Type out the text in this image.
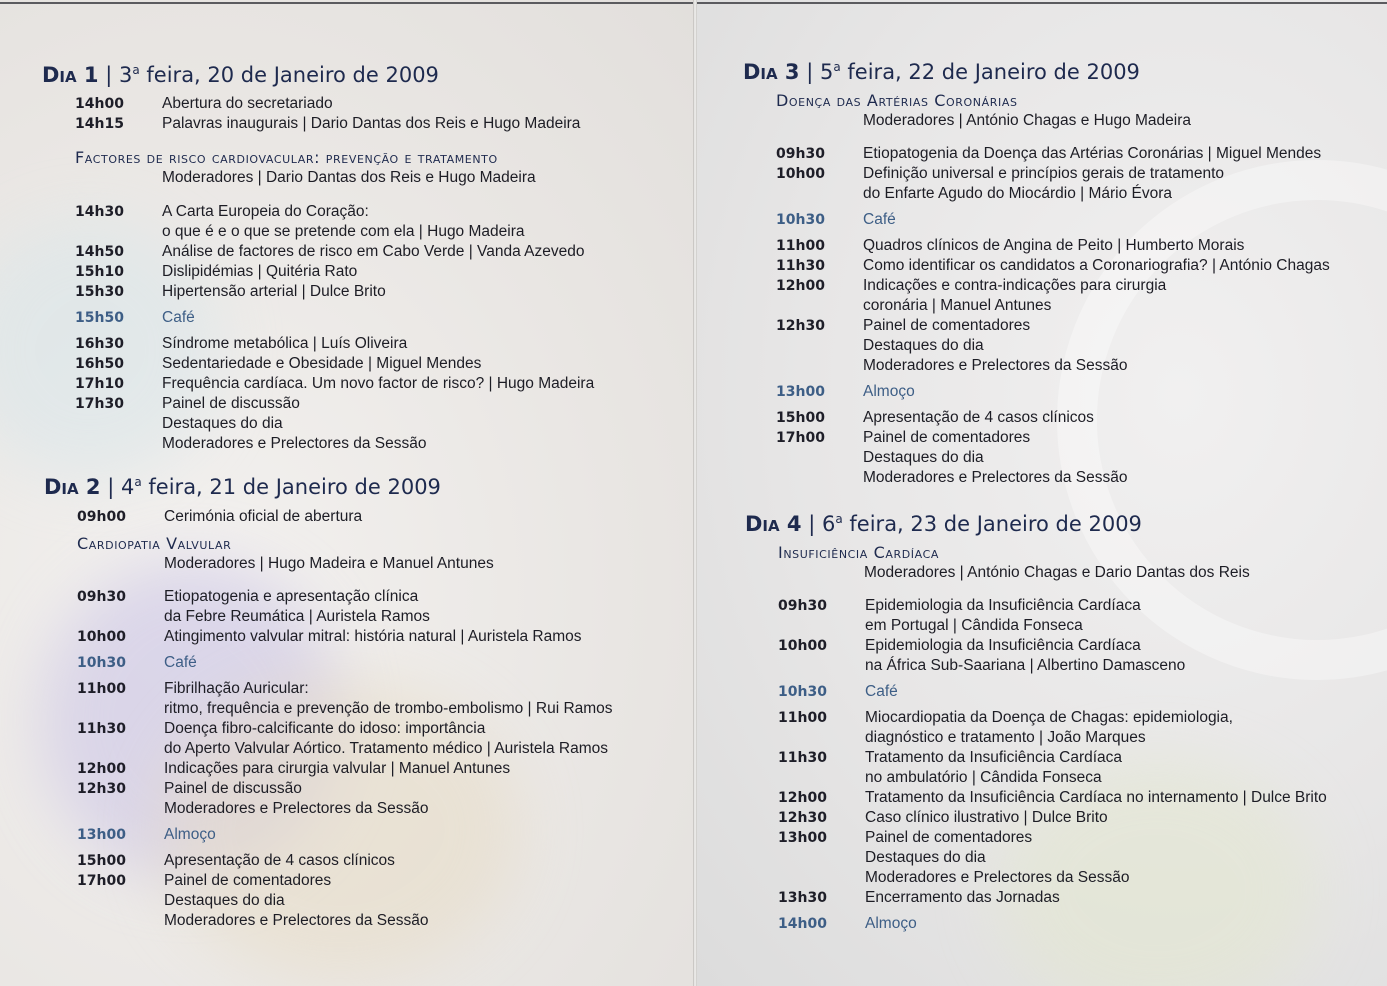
Dia 1 | 3$^a$ feira, 20 de Janeiro de 2009
14h00 Abertura do secretariado
14h15 Palavras inaugurais | Dario Dantas dos Reis e Hugo Madeira
Factores de risco cardiovacular: prevenção e tratamento
Moderadores | Dario Dantas dos Reis e Hugo Madeira
14h30 A Carta Europeia do Coração:
o que é e o que se pretende com ela | Hugo Madeira
14h50 Análise de factores de risco em Cabo Verde | Vanda Azevedo
15h10 Dislipidémias | Quitéria Rato
15h30 Hipertensão arterial | Dulce Brito
15h50 Café
16h30 Síndrome metabólica | Luís Oliveira
16h50 Sedentariedade e Obesidade | Miguel Mendes
17h10 Frequência cardíaca. Um novo factor de risco? | Hugo Madeira
17h30 Painel de discussão
Destaques do dia
Moderadores e Prelectores da Sessão
Dia 2 | 4$^a$ feira, 21 de Janeiro de 2009
09h00 Cerimónia oficial de abertura
Cardiopatia Valvular
Moderadores | Hugo Madeira e Manuel Antunes
09h30 Etiopatogenia e apresentação clínica
da Febre Reumática | Auristela Ramos
10h00 Atingimento valvular mitral: história natural | Auristela Ramos
10h30 Café
11h00 Fibrilhação Auricular:
ritmo, frequência e prevenção de trombo-embolismo | Rui Ramos
11h30 Doença fibro-calcificante do idoso: importância
do Aperto Valvular Aórtico. Tratamento médico | Auristela Ramos
12h00 Indicações para cirurgia valvular | Manuel Antunes
12h30 Painel de discussão
Moderadores e Prelectores da Sessão
13h00 Almoço
15h00 Apresentação de 4 casos clínicos
17h00 Painel de comentadores
Destaques do dia
Moderadores e Prelectores da Sessão
Dia 3 | 5$^a$ feira, 22 de Janeiro de 2009
Doença das Artérias Coronárias
Moderadores | António Chagas e Hugo Madeira
09h30 Etiopatogenia da Doença das Artérias Coronárias | Miguel Mendes
10h00 Definição universal e princípios gerais de tratamento
do Enfarte Agudo do Miocárdio | Mário Évora
10h30 Café
11h00 Quadros clínicos de Angina de Peito | Humberto Morais
11h30 Como identificar os candidatos a Coronariografia? | António Chagas
12h00 Indicações e contra-indicações para cirurgia
coronária | Manuel Antunes
12h30 Painel de comentadores
Destaques do dia
Moderadores e Prelectores da Sessão
13h00 Almoço
15h00 Apresentação de 4 casos clínicos
17h00 Painel de comentadores
Destaques do dia
Moderadores e Prelectores da Sessão
Dia 4 | 6$^a$ feira, 23 de Janeiro de 2009
Insuficiência Cardíaca
Moderadores | António Chagas e Dario Dantas dos Reis
09h30 Epidemiologia da Insuficiência Cardíaca
em Portugal | Cândida Fonseca
10h00 Epidemiologia da Insuficiência Cardíaca
na África Sub-Saariana | Albertino Damasceno
10h30 Café
11h00 Miocardiopatia da Doença de Chagas: epidemiologia,
diagnóstico e tratamento | João Marques
11h30 Tratamento da Insuficiência Cardíaca
no ambulatório | Cândida Fonseca
12h00 Tratamento da Insuficiência Cardíaca no internamento | Dulce Brito
12h30 Caso clínico ilustrativo | Dulce Brito
13h00 Painel de comentadores
Destaques do dia
Moderadores e Prelectores da Sessão
13h30 Encerramento das Jornadas
14h00 Almoço
